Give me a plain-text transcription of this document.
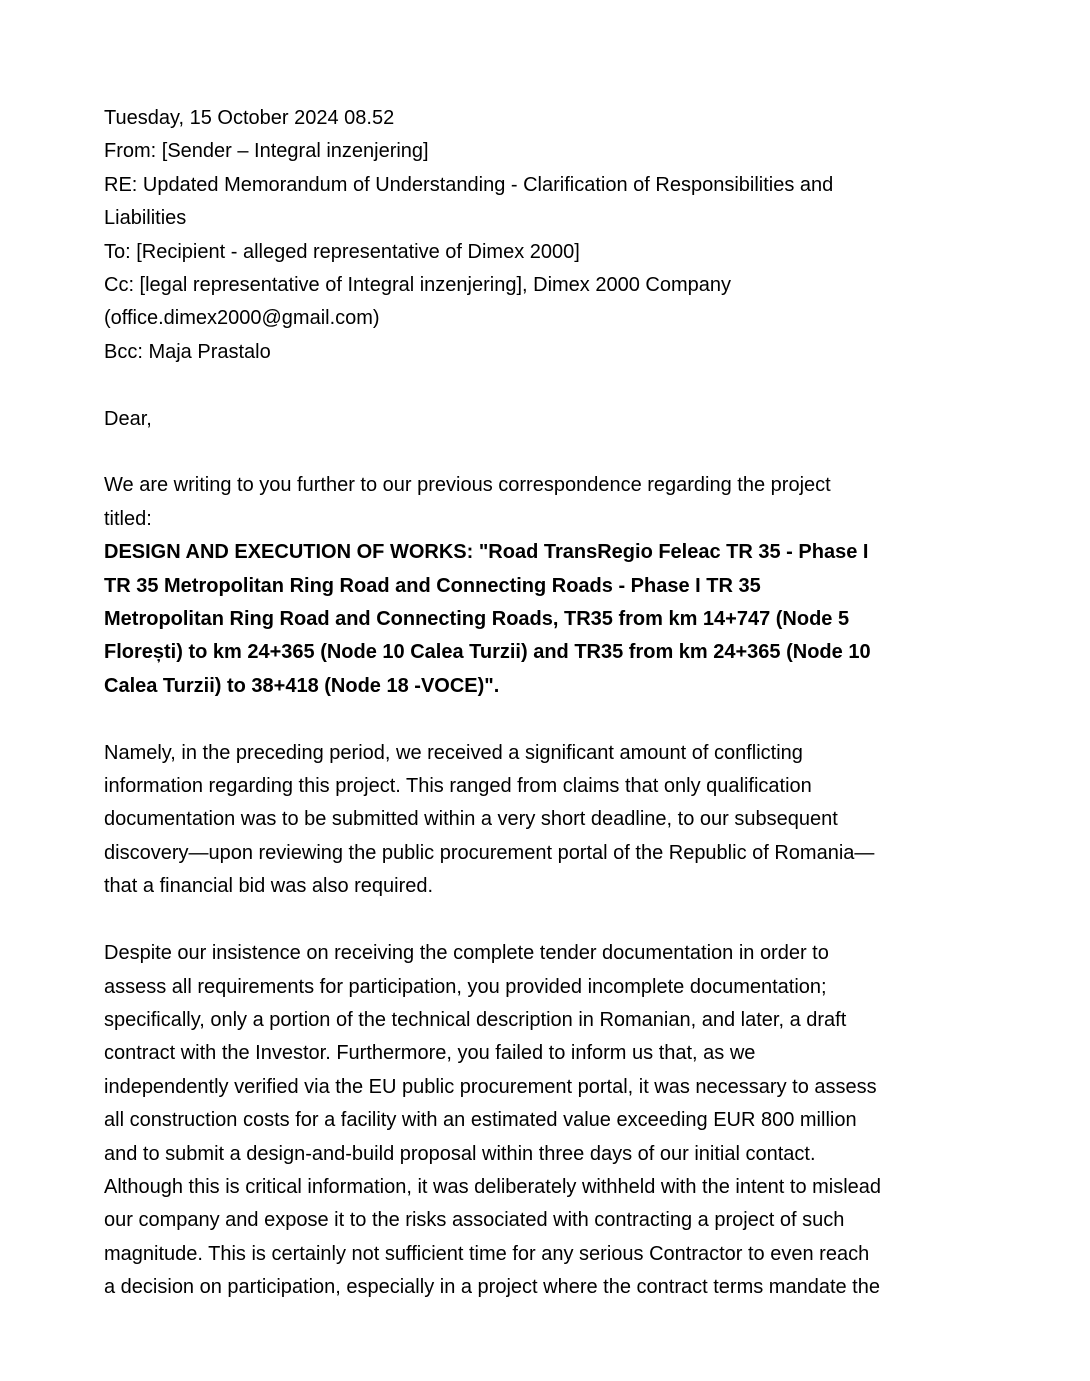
Tuesday, 15 October 2024 08.52
From: [Sender – Integral inzenjering]
RE: Updated Memorandum of Understanding - Clarification of Responsibilities and
Liabilities
To: [Recipient - alleged representative of Dimex 2000]
Cc: [legal representative of Integral inzenjering], Dimex 2000 Company
(office.dimex2000@gmail.com)
Bcc: Maja Prastalo
Dear,
We are writing to you further to our previous correspondence regarding the project
titled:
DESIGN AND EXECUTION OF WORKS: "Road TransRegio Feleac TR 35 - Phase I
TR 35 Metropolitan Ring Road and Connecting Roads - Phase I TR 35
Metropolitan Ring Road and Connecting Roads, TR35 from km 14+747 (Node 5
Florești) to km 24+365 (Node 10 Calea Turzii) and TR35 from km 24+365 (Node 10
Calea Turzii) to 38+418 (Node 18 -VOCE)".
Namely, in the preceding period, we received a significant amount of conflicting
information regarding this project. This ranged from claims that only qualification
documentation was to be submitted within a very short deadline, to our subsequent
discovery—upon reviewing the public procurement portal of the Republic of Romania—
that a financial bid was also required.
Despite our insistence on receiving the complete tender documentation in order to
assess all requirements for participation, you provided incomplete documentation;
specifically, only a portion of the technical description in Romanian, and later, a draft
contract with the Investor. Furthermore, you failed to inform us that, as we
independently verified via the EU public procurement portal, it was necessary to assess
all construction costs for a facility with an estimated value exceeding EUR 800 million
and to submit a design-and-build proposal within three days of our initial contact.
Although this is critical information, it was deliberately withheld with the intent to mislead
our company and expose it to the risks associated with contracting a project of such
magnitude. This is certainly not sufficient time for any serious Contractor to even reach
a decision on participation, especially in a project where the contract terms mandate the
